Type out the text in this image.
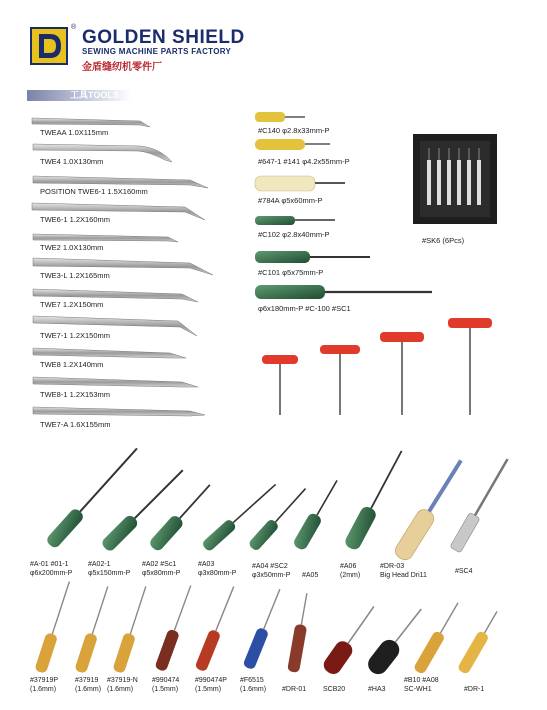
® GOLDEN SHIELD
SEWING MACHINE PARTS FACTORY
金盾缝纫机零件厂
工具TOOLS
TWEAA 1.0X115mm
TWE4 1.0X130mm
POSITION TWE6-1 1.5X160mm
TWE6-1 1.2X160mm
TWE2 1.0X130mm
TWE3-L 1.2X165mm
TWE7 1.2X150mm
TWE7-1 1.2X150mm
TWE8 1.2X140mm
TWE8-1 1.2X153mm
TWE7-A 1.6X155mm
#C140 φ2.8x33mm-P
#647-1 #141 φ4.2x55mm-P
#784A φ5x60mm-P
#C102 φ2.8x40mm-P
#C101 φ5x75mm-P
φ6x180mm-P #C-100 #SC1
#SK6 (6Pcs)
#A-01 #01-1
φ6x200mm-P
#A02-1
φ5x150mm-P
#A02 #Sc1
φ5x80mm-P
#A03
φ3x80mm-P
#A04 #SC2
φ3x50mm-P #A05
#A06
(2mm)
#DR-03
Big Head Dri11	#SC4
#37919P
(1.6mm)
#37919
(1.6mm)
#37919-N
(1.6mm)
#990474
(1.5mm)
#990474P
(1.5mm)
#F6515
(1.6mm) #DR-01 SCB20	#HA3
#B10 #A08
SC-WH1	#DR-1
